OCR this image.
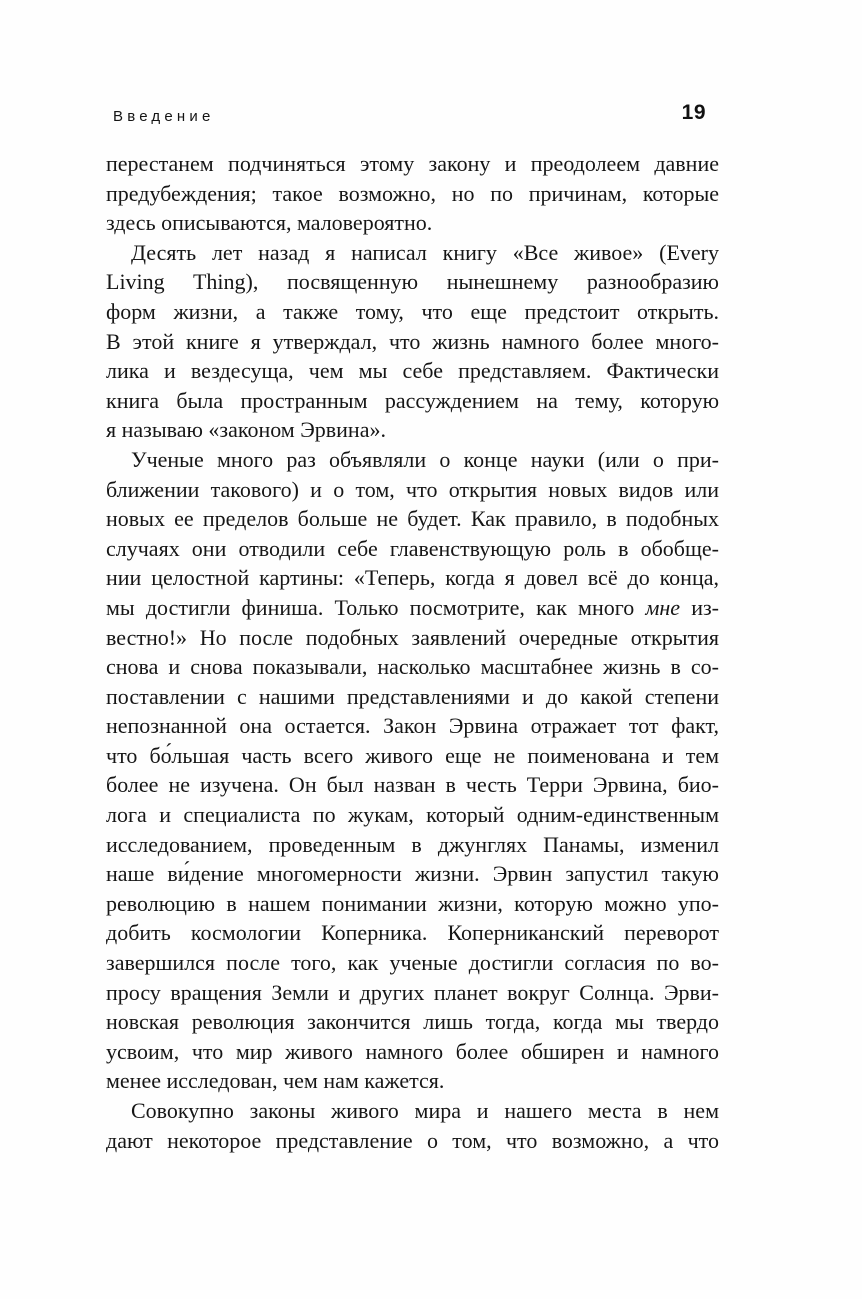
Введение	19
перестанем подчиняться этому закону и преодолеем давние
предубеждения; такое возможно, но по причинам, которые
здесь описываются, маловероятно.
Десять лет назад я написал книгу «Все живое» (Every
Living Thing), посвященную нынешнему разнообразию
форм жизни, а также тому, что еще предстоит открыть.
В этой книге я утверждал, что жизнь намного более много-
лика и вездесуща, чем мы себе представляем. Фактически
книга была пространным рассуждением на тему, которую
я называю «законом Эрвина».
Ученые много раз объявляли о конце науки (или о при-
ближении такового) и о том, что открытия новых видов или
новых ее пределов больше не будет. Как правило, в подобных
случаях они отводили себе главенствующую роль в обобще-
нии целостной картины: «Теперь, когда я довел всё до конца,
мы достигли финиша. Только посмотрите, как много мне из-
вестно!» Но после подобных заявлений очередные открытия
снова и снова показывали, насколько масштабнее жизнь в со-
поставлении с нашими представлениями и до какой степени
непознанной она остается. Закон Эрвина отражает тот факт,
что бо́льшая часть всего живого еще не поименована и тем
более не изучена. Он был назван в честь Терри Эрвина, био-
лога и специалиста по жукам, который одним-единственным
исследованием, проведенным в джунглях Панамы, изменил
наше ви́дение многомерности жизни. Эрвин запустил такую
революцию в нашем понимании жизни, которую можно упо-
добить космологии Коперника. Коперниканский переворот
завершился после того, как ученые достигли согласия по во-
просу вращения Земли и других планет вокруг Солнца. Эрви-
новская революция закончится лишь тогда, когда мы твердо
усвоим, что мир живого намного более обширен и намного
менее исследован, чем нам кажется.
Совокупно законы живого мира и нашего места в нем
дают некоторое представление о том, что возможно, а что
